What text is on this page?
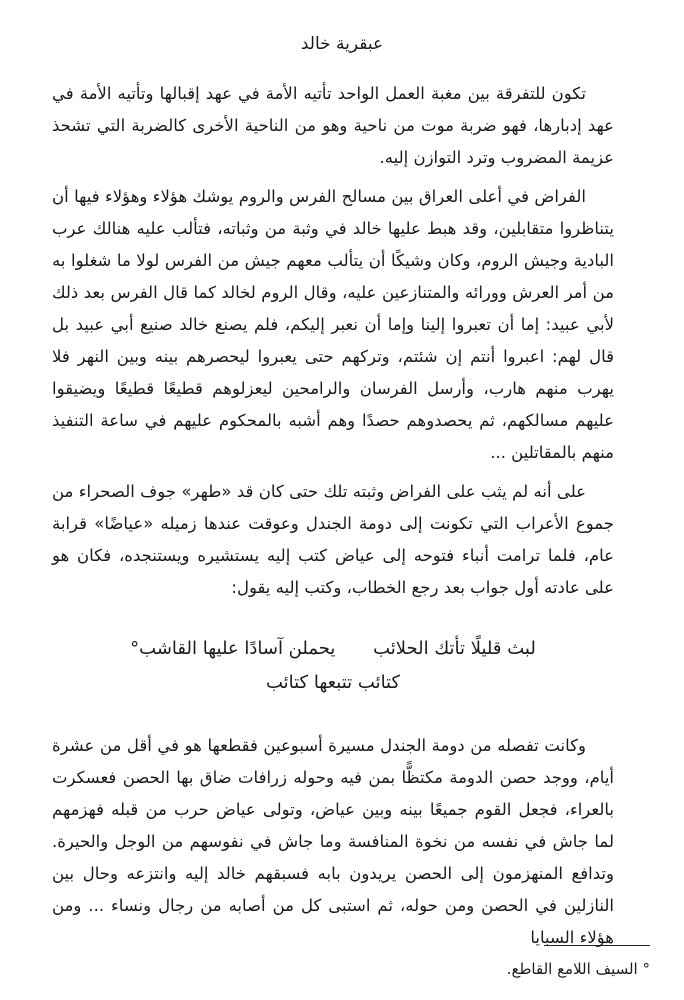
عبقرية خالد

تكون للتفرقة بين مغبة العمل الواحد تأتيه الأمة في عهد إقبالها وتأتيه الأمة في عهد إدبارها، فهو ضربة موت من ناحية وهو من الناحية الأخرى كالضربة التي تشحذ عزيمة المضروب وترد التوازن إليه.

الفراض في أعلى العراق بين مسالح الفرس والروم يوشك هؤلاء وهؤلاء فيها أن يتناظروا متقابلين، وقد هبط عليها خالد في وثبة من وثباته، فتألب عليه هنالك عرب البادية وجيش الروم، وكان وشيكًا أن يتألب معهم جيش من الفرس لولا ما شغلوا به من أمر العرش وورائه والمتنازعين عليه، وقال الروم لخالد كما قال الفرس بعد ذلك لأبي عبيد: إما أن تعبروا إلينا وإما أن نعبر إليكم، فلم يصنع خالد صنيع أبي عبيد بل قال لهم: اعبروا أنتم إن شئتم، وتركهم حتى يعبروا ليحصرهم بينه وبين النهر فلا يهرب منهم هارب، وأرسل الفرسان والرامحين ليعزلوهم قطيعًا قطيعًا ويضيقوا عليهم مسالكهم، ثم يحصدوهم حصدًا وهم أشبه بالمحكوم عليهم في ساعة التنفيذ منهم بالمقاتلين ...

على أنه لم يثب على الفراض وثبته تلك حتى كان قد «طهر» جوف الصحراء من جموع الأعراب التي تكونت إلى دومة الجندل وعوقت عندها زميله «عياضًا» قرابة عام، فلما ترامت أنباء فتوحه إلى عياض كتب إليه يستشيره ويستنجده، فكان هو على عادته أول جواب بعد رجع الخطاب، وكتب إليه يقول:

لبث قليلًا تأتك الحلائب يحملن آسادًا عليها القاشب°
كتائب تتبعها كتائب

وكانت تفصله من دومة الجندل مسيرة أسبوعين فقطعها هو في أقل من عشرة أيام، ووجد حصن الدومة مكتظًّا بمن فيه وحوله زرافات ضاق بها الحصن فعسكرت بالعراء، فجعل القوم جميعًا بينه وبين عياض، وتولى عياض حرب من قبله فهزمهم لما جاش في نفسه من نخوة المنافسة وما جاش في نفوسهم من الوجل والحيرة. وتدافع المنهزمون إلى الحصن يريدون بابه فسبقهم خالد إليه وانتزعه وحال بين النازلين في الحصن ومن حوله، ثم استبى كل من أصابه من رجال ونساء ... ومن هؤلاء السبايا

° السيف اللامع القاطع.
